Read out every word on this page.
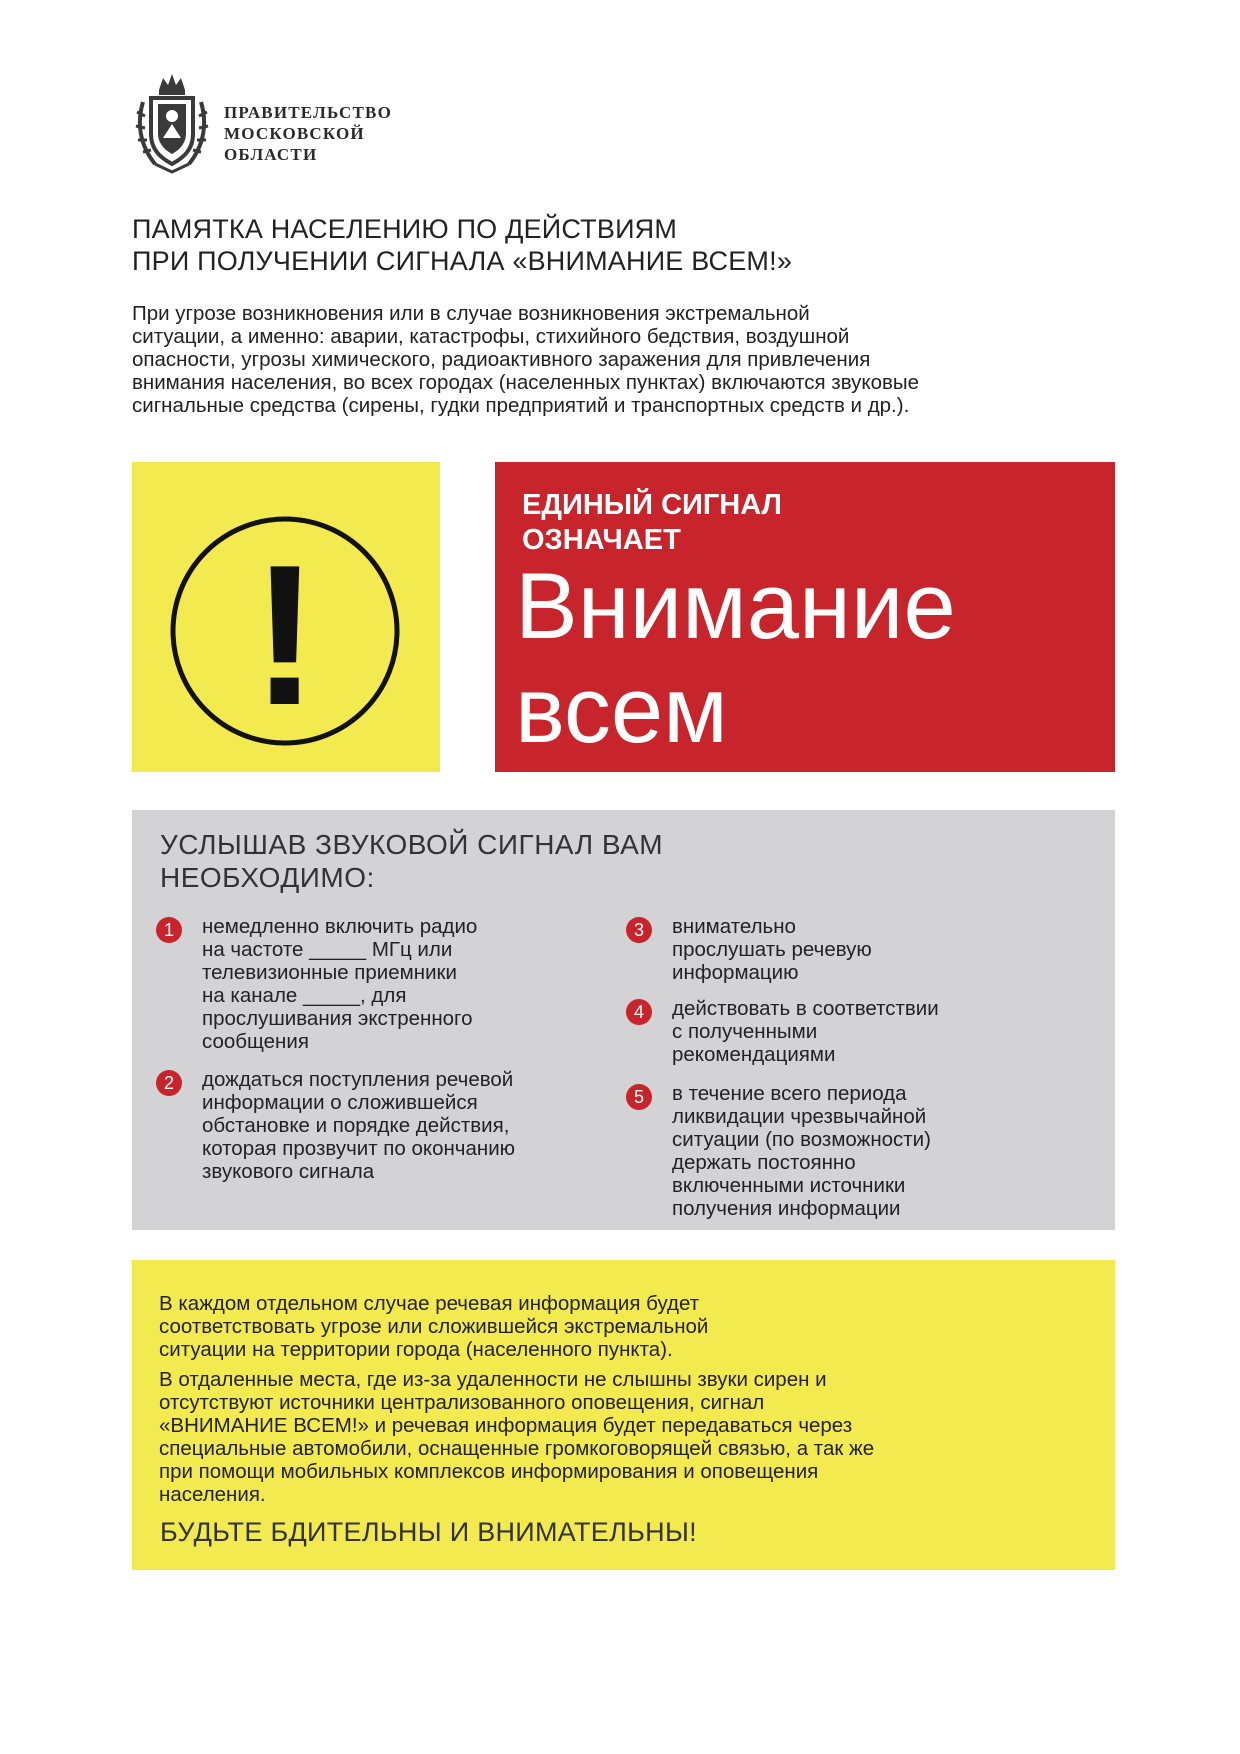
ПРАВИТЕЛЬСТВО
МОСКОВСКОЙ
ОБЛАСТИ
ПАМЯТКА НАСЕЛЕНИЮ ПО ДЕЙСТВИЯМ
ПРИ ПОЛУЧЕНИИ СИГНАЛА «ВНИМАНИЕ ВСЕМ!»
При угрозе возникновения или в случае возникновения экстремальной
ситуации, а именно: аварии, катастрофы, стихийного бедствия, воздушной
опасности, угрозы химического, радиоактивного заражения для привлечения
внимания населения, во всех городах (населенных пунктах) включаются звуковые
сигнальные средства (сирены, гудки предприятий и транспортных средств и др.).
!
ЕДИНЫЙ СИГНАЛ
ОЗНАЧАЕТ
Внимание
всем
УСЛЫШАВ ЗВУКОВОЙ СИГНАЛ ВАМ
НЕОБХОДИМО:
1	немедленно включить радио
на частоте _____ МГц или
телевизионные приемники
на канале _____, для
прослушивания экстренного
сообщения
2	дождаться поступления речевой
информации о сложившейся
обстановке и порядке действия,
которая прозвучит по окончанию
звукового сигнала
3	внимательно
прослушать речевую
информацию
4	действовать в соответствии
с полученными
рекомендациями
5	в течение всего периода
ликвидации чрезвычайной
ситуации (по возможности)
держать постоянно
включенными источники
получения информации
В каждом отдельном случае речевая информация будет
соответствовать угрозе или сложившейся экстремальной
ситуации на территории города (населенного пункта).
В отдаленные места, где из-за удаленности не слышны звуки сирен и
отсутствуют источники централизованного оповещения, сигнал
«ВНИМАНИЕ ВСЕМ!» и речевая информация будет передаваться через
специальные автомобили, оснащенные громкоговорящей связью, а так же
при помощи мобильных комплексов информирования и оповещения
населения.
БУДЬТЕ БДИТЕЛЬНЫ И ВНИМАТЕЛЬНЫ!
